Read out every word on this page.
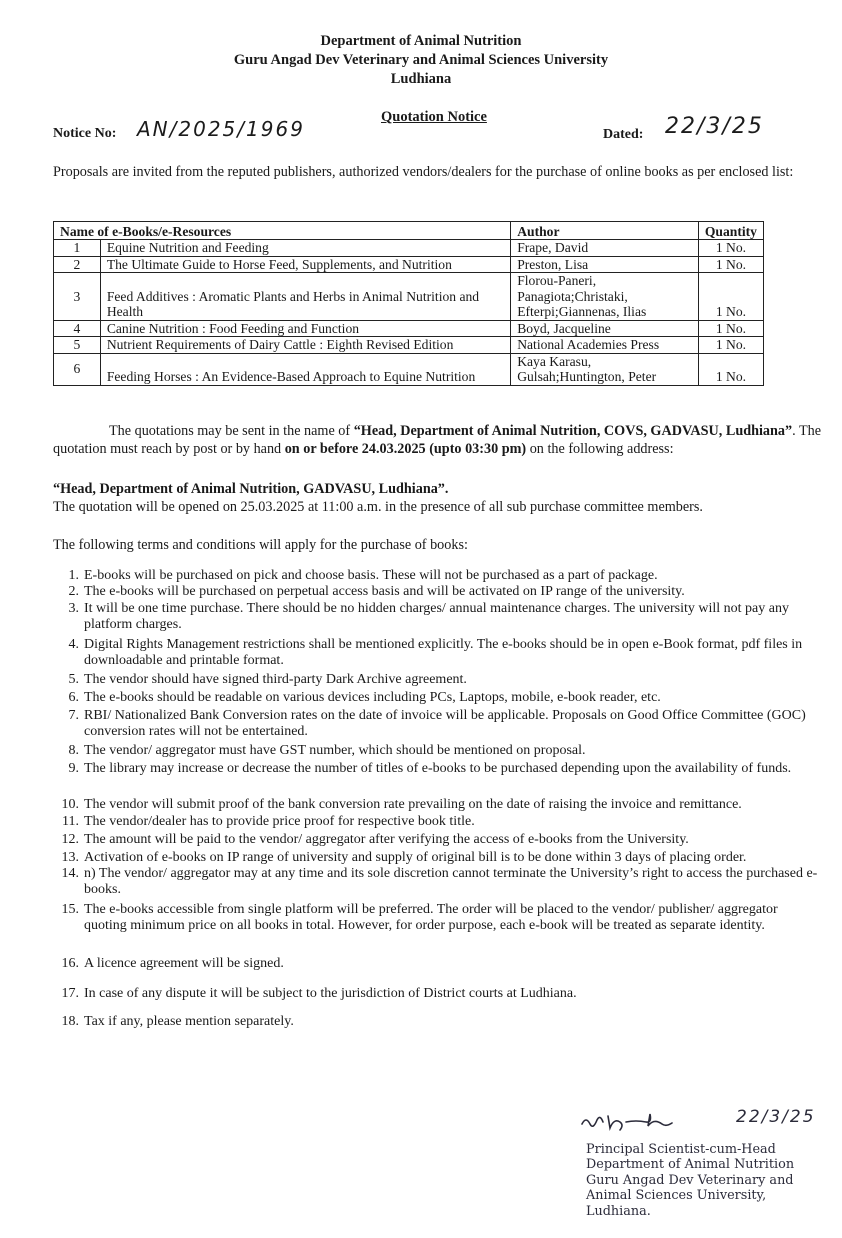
Department of Animal Nutrition
Guru Angad Dev Veterinary and Animal Sciences University
Ludhiana
Quotation Notice
Notice No: AN/2025/1969	Dated: 22/3/25
Proposals are invited from the reputed publishers, authorized vendors/dealers for the purchase of online books as per enclosed list:
Name of e-Books/e-Resources		Author	Quantity
1	Equine Nutrition and Feeding	Frape, David	1 No.
2	The Ultimate Guide to Horse Feed, Supplements, and Nutrition	Preston, Lisa	1 No.
3	Feed Additives : Aromatic Plants and Herbs in Animal Nutrition and Health	Florou-Paneri, Panagiota;Christaki, Efterpi;Giannenas, Ilias	1 No.
4	Canine Nutrition : Food Feeding and Function	Boyd, Jacqueline	1 No.
5	Nutrient Requirements of Dairy Cattle : Eighth Revised Edition	National Academies Press	1 No.
6	Feeding Horses : An Evidence-Based Approach to Equine Nutrition	Kaya Karasu, Gulsah;Huntington, Peter	1 No.
The quotations may be sent in the name of “Head, Department of Animal Nutrition, COVS, GADVASU, Ludhiana”. The quotation must reach by post or by hand on or before 24.03.2025 (upto 03:30 pm) on the following address:
“Head, Department of Animal Nutrition, GADVASU, Ludhiana”.
The quotation will be opened on 25.03.2025 at 11:00 a.m. in the presence of all sub purchase committee members.
The following terms and conditions will apply for the purchase of books:
1. E-books will be purchased on pick and choose basis. These will not be purchased as a part of package.
2. The e-books will be purchased on perpetual access basis and will be activated on IP range of the university.
3. It will be one time purchase. There should be no hidden charges/ annual maintenance charges. The university will not pay any platform charges.
4. Digital Rights Management restrictions shall be mentioned explicitly. The e-books should be in open e-Book format, pdf files in downloadable and printable format.
5. The vendor should have signed third-party Dark Archive agreement.
6. The e-books should be readable on various devices including PCs, Laptops, mobile, e-book reader, etc.
7. RBI/ Nationalized Bank Conversion rates on the date of invoice will be applicable. Proposals on Good Office Committee (GOC) conversion rates will not be entertained.
8. The vendor/ aggregator must have GST number, which should be mentioned on proposal.
9. The library may increase or decrease the number of titles of e-books to be purchased depending upon the availability of funds.
10. The vendor will submit proof of the bank conversion rate prevailing on the date of raising the invoice and remittance.
11. The vendor/dealer has to provide price proof for respective book title.
12. The amount will be paid to the vendor/ aggregator after verifying the access of e-books from the University.
13. Activation of e-books on IP range of university and supply of original bill is to be done within 3 days of placing order.
14. n) The vendor/ aggregator may at any time and its sole discretion cannot terminate the University’s right to access the purchased e-books.
15. The e-books accessible from single platform will be preferred. The order will be placed to the vendor/ publisher/ aggregator quoting minimum price on all books in total. However, for order purpose, each e-book will be treated as separate identity.
16. A licence agreement will be signed.
17. In case of any dispute it will be subject to the jurisdiction of District courts at Ludhiana.
18. Tax if any, please mention separately.
22/3/25
Principal Scientist-cum-Head
Department of Animal Nutrition
Guru Angad Dev Veterinary and
Animal Sciences University,
Ludhiana.
